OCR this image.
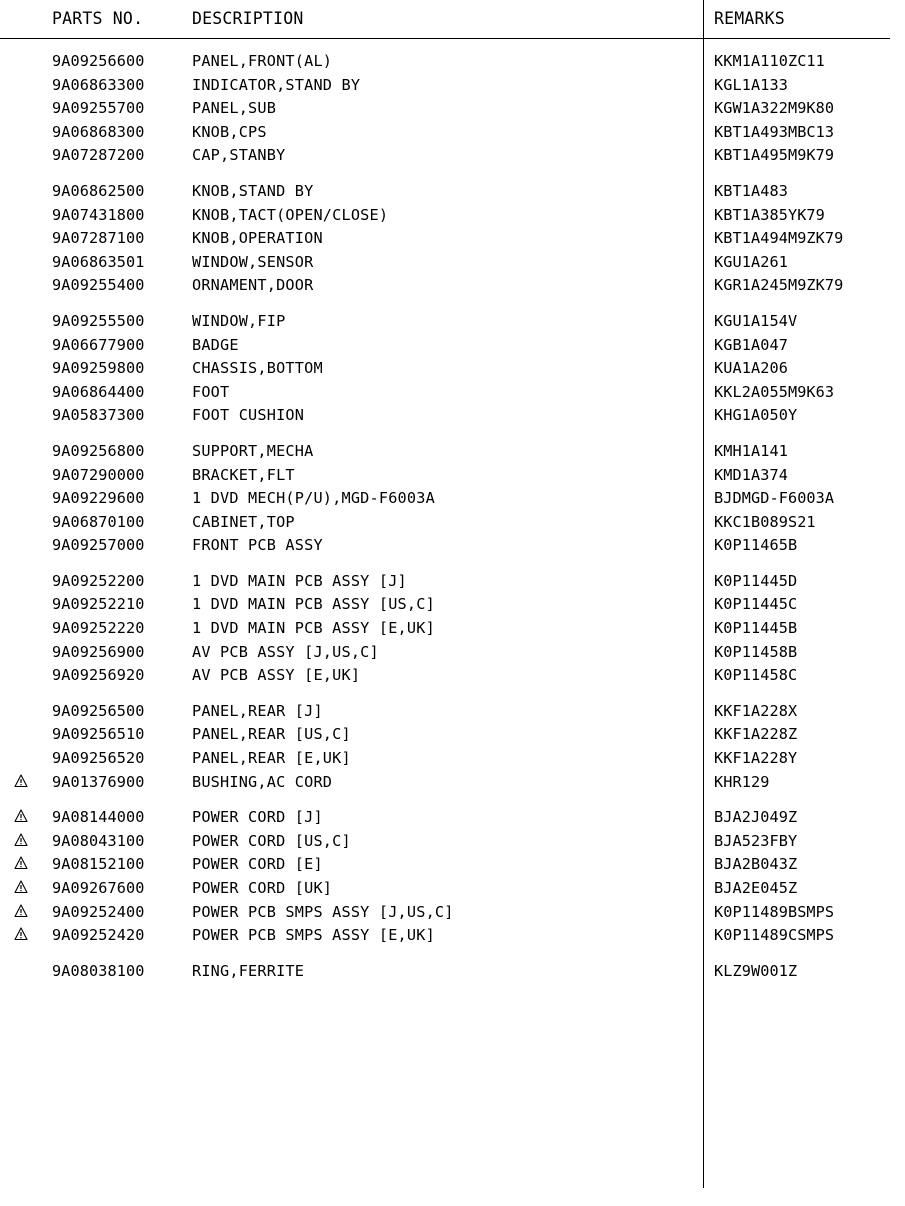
PARTS NO.	DESCRIPTION	REMARKS
9A09256600	PANEL,FRONT(AL)	KKM1A110ZC11
9A06863300	INDICATOR,STAND BY	KGL1A133
9A09255700	PANEL,SUB	KGW1A322M9K80
9A06868300	KNOB,CPS	KBT1A493MBC13
9A07287200	CAP,STANBY	KBT1A495M9K79
9A06862500	KNOB,STAND BY	KBT1A483
9A07431800	KNOB,TACT(OPEN/CLOSE)	KBT1A385YK79
9A07287100	KNOB,OPERATION	KBT1A494M9ZK79
9A06863501	WINDOW,SENSOR	KGU1A261
9A09255400	ORNAMENT,DOOR	KGR1A245M9ZK79
9A09255500	WINDOW,FIP	KGU1A154V
9A06677900	BADGE	KGB1A047
9A09259800	CHASSIS,BOTTOM	KUA1A206
9A06864400	FOOT	KKL2A055M9K63
9A05837300	FOOT CUSHION	KHG1A050Y
9A09256800	SUPPORT,MECHA	KMH1A141
9A07290000	BRACKET,FLT	KMD1A374
9A09229600	1 DVD MECH(P/U),MGD-F6003A	BJDMGD-F6003A
9A06870100	CABINET,TOP	KKC1B089S21
9A09257000	FRONT PCB ASSY	K0P11465B
9A09252200	1 DVD MAIN PCB ASSY [J]	K0P11445D
9A09252210	1 DVD MAIN PCB ASSY [US,C]	K0P11445C
9A09252220	1 DVD MAIN PCB ASSY [E,UK]	K0P11445B
9A09256900	AV PCB ASSY [J,US,C]	K0P11458B
9A09256920	AV PCB ASSY [E,UK]	K0P11458C
9A09256500	PANEL,REAR [J]	KKF1A228X
9A09256510	PANEL,REAR [US,C]	KKF1A228Z
9A09256520	PANEL,REAR [E,UK]	KKF1A228Y
9A01376900	BUSHING,AC CORD	KHR129
9A08144000	POWER CORD [J]	BJA2J049Z
9A08043100	POWER CORD [US,C]	BJA523FBY
9A08152100	POWER CORD [E]	BJA2B043Z
9A09267600	POWER CORD [UK]	BJA2E045Z
9A09252400	POWER PCB SMPS ASSY [J,US,C]	K0P11489BSMPS
9A09252420	POWER PCB SMPS ASSY [E,UK]	K0P11489CSMPS
9A08038100	RING,FERRITE	KLZ9W001Z
